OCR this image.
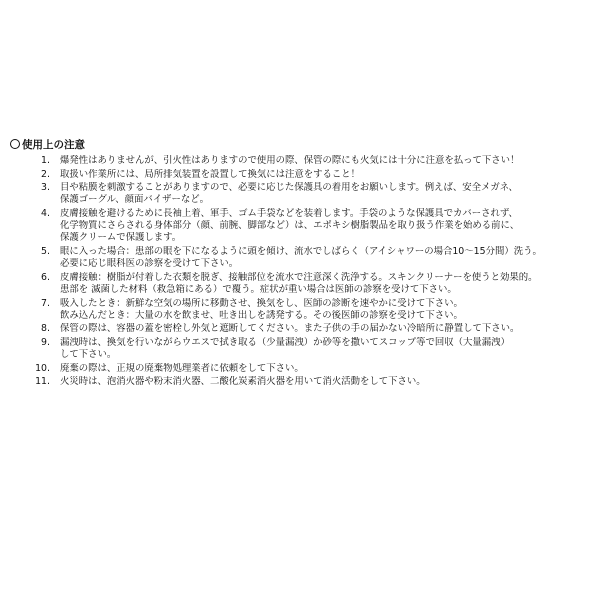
使用上の注意
1.	爆発性はありませんが、引火性はありますので使用の際、保管の際にも火気には十分に注意を払って下さい！
2.	取扱い作業所には、局所排気装置を設置して換気には注意をすること！
3.	目や粘膜を刺激することがありますので、必要に応じた保護具の着用をお願いします。例えば、安全メガネ、
保護ゴーグル、顔面バイザーなど。
4.	皮膚接触を避けるために長袖上着、軍手、ゴム手袋などを装着します。手袋のような保護具でカバーされず、
化学物質にさらされる身体部分（顔、前腕、脚部など）は、エポキシ樹脂製品を取り扱う作業を始める前に、
保護クリームで保護します。
5.	眼に入った場合：患部の眼を下になるように頭を傾け、流水でしばらく（アイシャワーの場合10～15分間）洗う。
必要に応じ眼科医の診察を受けて下さい。
6.	皮膚接触：樹脂が付着した衣類を脱ぎ、接触部位を流水で注意深く洗浄する。スキンクリーナーを使うと効果的。
患部を 滅菌した材料（救急箱にある）で覆う。症状が重い場合は医師の診察を受けて下さい。
7.	吸入したとき：新鮮な空気の場所に移動させ、換気をし、医師の診断を速やかに受けて下さい。
飲み込んだとき：大量の水を飲ませ、吐き出しを誘発する。その後医師の診察を受けて下さい。
8.	保管の際は、容器の蓋を密栓し外気と遮断してください。また子供の手の届かない冷暗所に静置して下さい。
9.	漏洩時は、換気を行いながらウエスで拭き取る（少量漏洩）か砂等を撒いてスコップ等で回収（大量漏洩）
して下さい。
10.	廃棄の際は、正規の廃棄物処理業者に依頼をして下さい。
11.	火災時は、泡消火器や粉末消火器、二酸化炭素消火器を用いて消火活動をして下さい。
